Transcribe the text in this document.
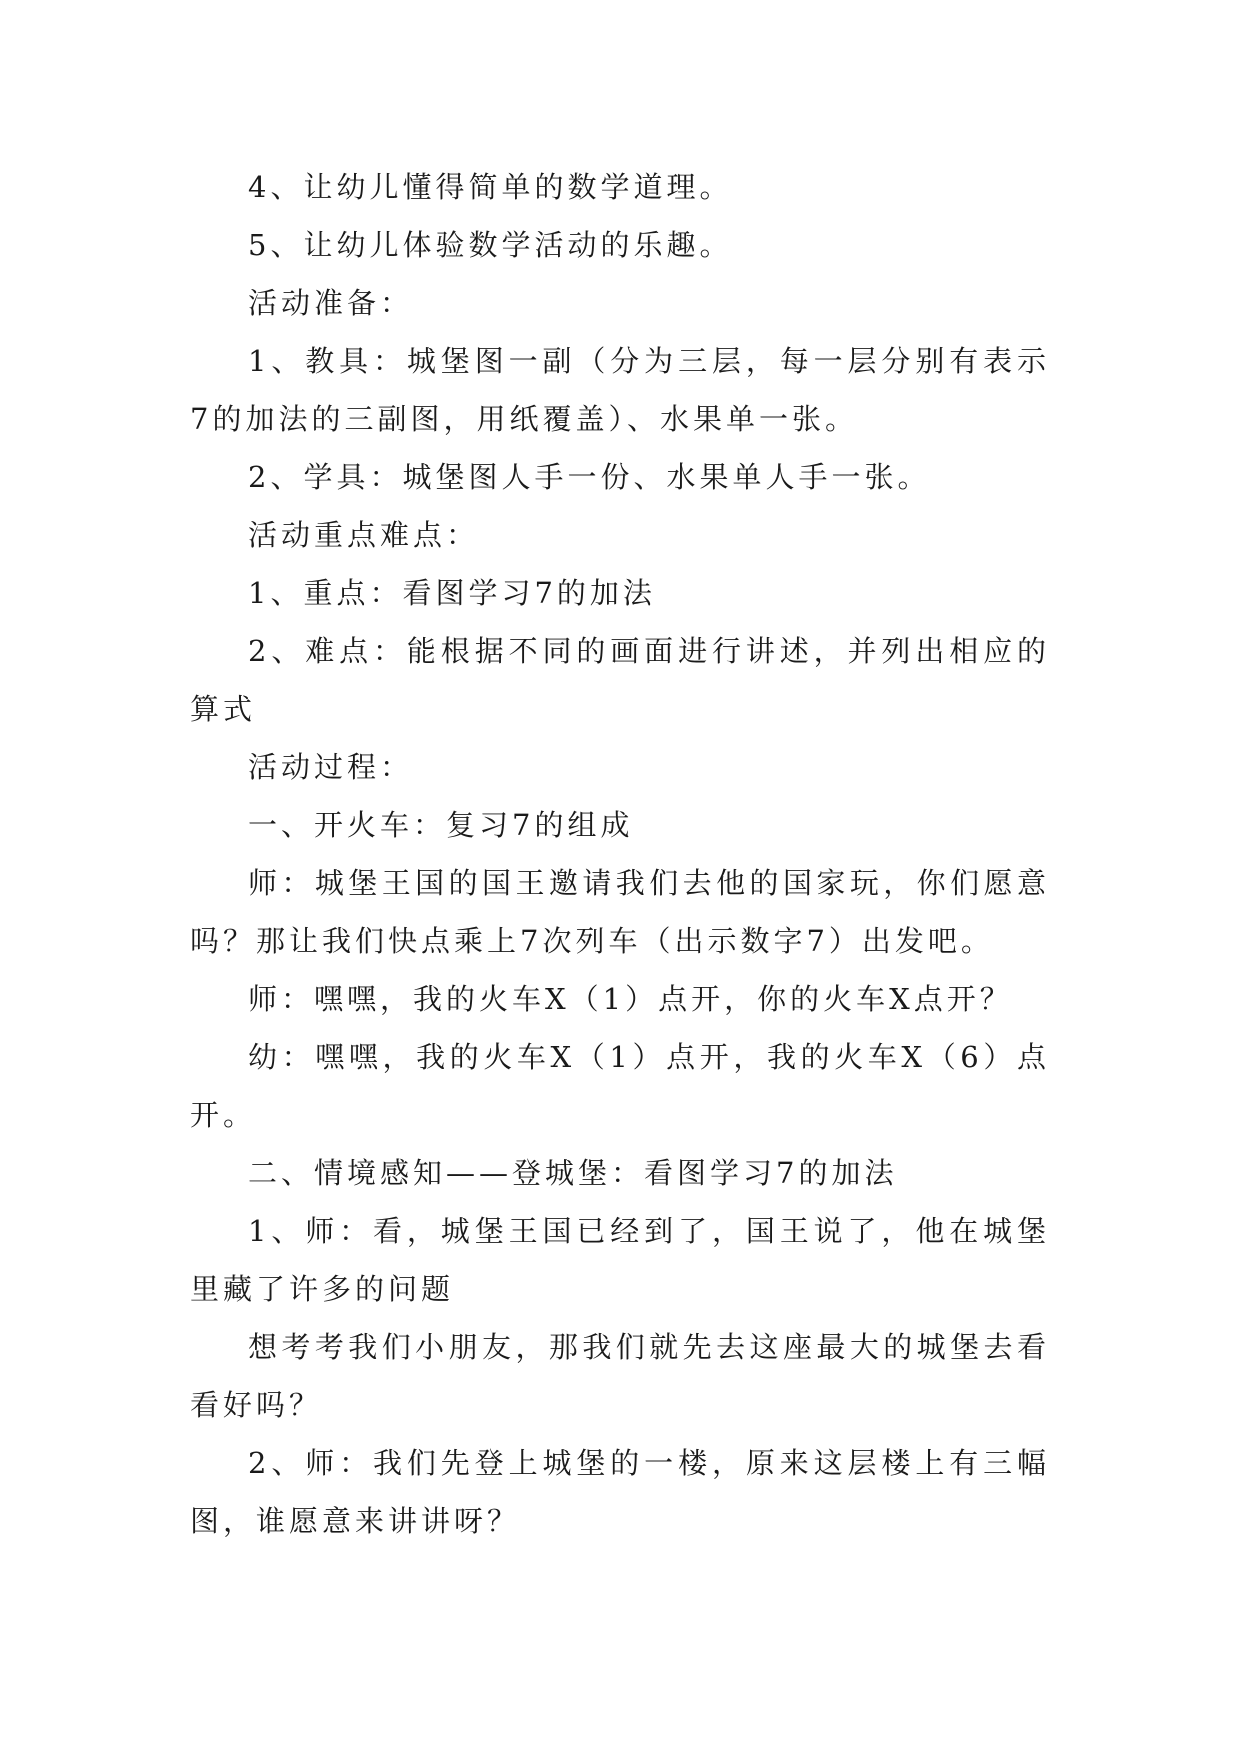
4、让幼儿懂得简单的数学道理。

5、让幼儿体验数学活动的乐趣。

活动准备：

1、教具：城堡图一副（分为三层，每一层分别有表示7的加法的三副图，用纸覆盖）、水果单一张。

2、学具：城堡图人手一份、水果单人手一张。

活动重点难点：

1、重点：看图学习7的加法

2、难点：能根据不同的画面进行讲述，并列出相应的算式

活动过程：

一、开火车：复习7的组成

师：城堡王国的国王邀请我们去他的国家玩，你们愿意吗？那让我们快点乘上7次列车（出示数字7）出发吧。

师：嘿嘿，我的火车X（1）点开，你的火车X点开？

幼：嘿嘿，我的火车X（1）点开，我的火车X（6）点开。

二、情境感知——登城堡：看图学习7的加法

1、师：看，城堡王国已经到了，国王说了，他在城堡里藏了许多的问题

想考考我们小朋友，那我们就先去这座最大的城堡去看看好吗？

2、师：我们先登上城堡的一楼，原来这层楼上有三幅图，谁愿意来讲讲呀？
